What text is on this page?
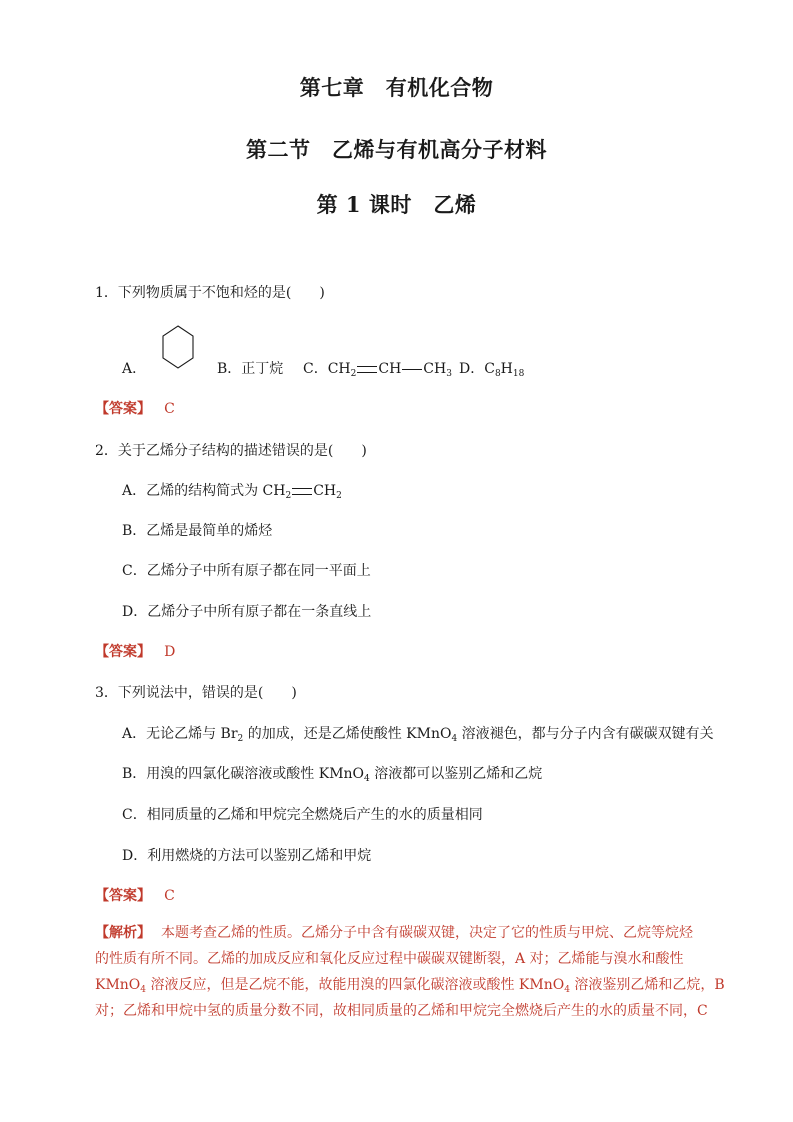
第七章　有机化合物
第二节　乙烯与有机高分子材料
第 1 课时　乙烯
1．下列物质属于不饱和烃的是(　　)
A．	B．正丁烷 C．$CH_2$ CH $CH_3$ D．$C_8H_{18}$
【答案】 C
2．关于乙烯分子结构的描述错误的是(　　)
A．乙烯的结构简式为 $CH_2$ $CH_2$
B．乙烯是最简单的烯烃
C．乙烯分子中所有原子都在同一平面上
D．乙烯分子中所有原子都在一条直线上
【答案】 D
3．下列说法中，错误的是(　　)
A．无论乙烯与 $Br_2$ 的加成，还是乙烯使酸性 KMnO$_4$ 溶液褪色，都与分子内含有碳碳双键有关
B．用溴的四氯化碳溶液或酸性 KMnO$_4$ 溶液都可以鉴别乙烯和乙烷
C．相同质量的乙烯和甲烷完全燃烧后产生的水的质量相同
D．利用燃烧的方法可以鉴别乙烯和甲烷
【答案】 C
【解析】 本题考查乙烯的性质。乙烯分子中含有碳碳双键，决定了它的性质与甲烷、乙烷等烷烃
的性质有所不同。乙烯的加成反应和氧化反应过程中碳碳双键断裂，A 对；乙烯能与溴水和酸性
KMnO$_4$ 溶液反应，但是乙烷不能，故能用溴的四氯化碳溶液或酸性 KMnO$_4$ 溶液鉴别乙烯和乙烷，B
对；乙烯和甲烷中氢的质量分数不同，故相同质量的乙烯和甲烷完全燃烧后产生的水的质量不同，C
